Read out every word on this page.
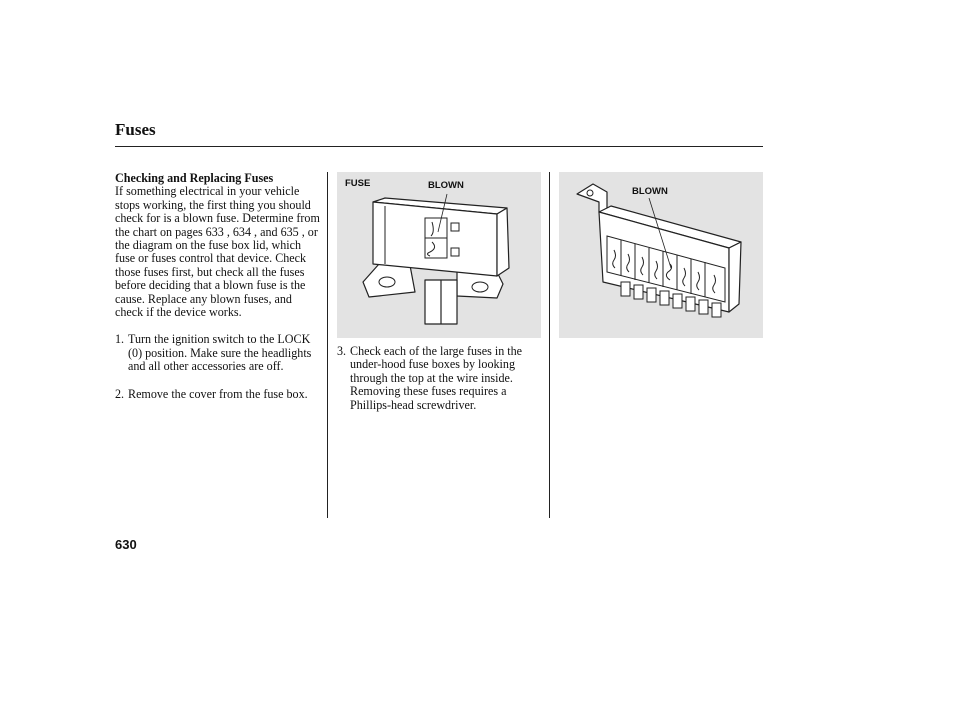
Fuses
Checking and Replacing Fuses

If something electrical in your vehicle stops working, the first thing you should check for is a blown fuse. Determine from the chart on pages 633 , 634 , and 635 , or the diagram on the fuse box lid, which fuse or fuses control that device. Check those fuses first, but check all the fuses before deciding that a blown fuse is the cause. Replace any blown fuses, and check if the device works.

1. Turn the ignition switch to the LOCK (0) position. Make sure the headlights and all other accessories are off.
2. Remove the cover from the fuse box.
FUSE	BLOWN
3. Check each of the large fuses in the under-hood fuse boxes by looking through the top at the wire inside. Removing these fuses requires a Phillips-head screwdriver.
BLOWN
630
